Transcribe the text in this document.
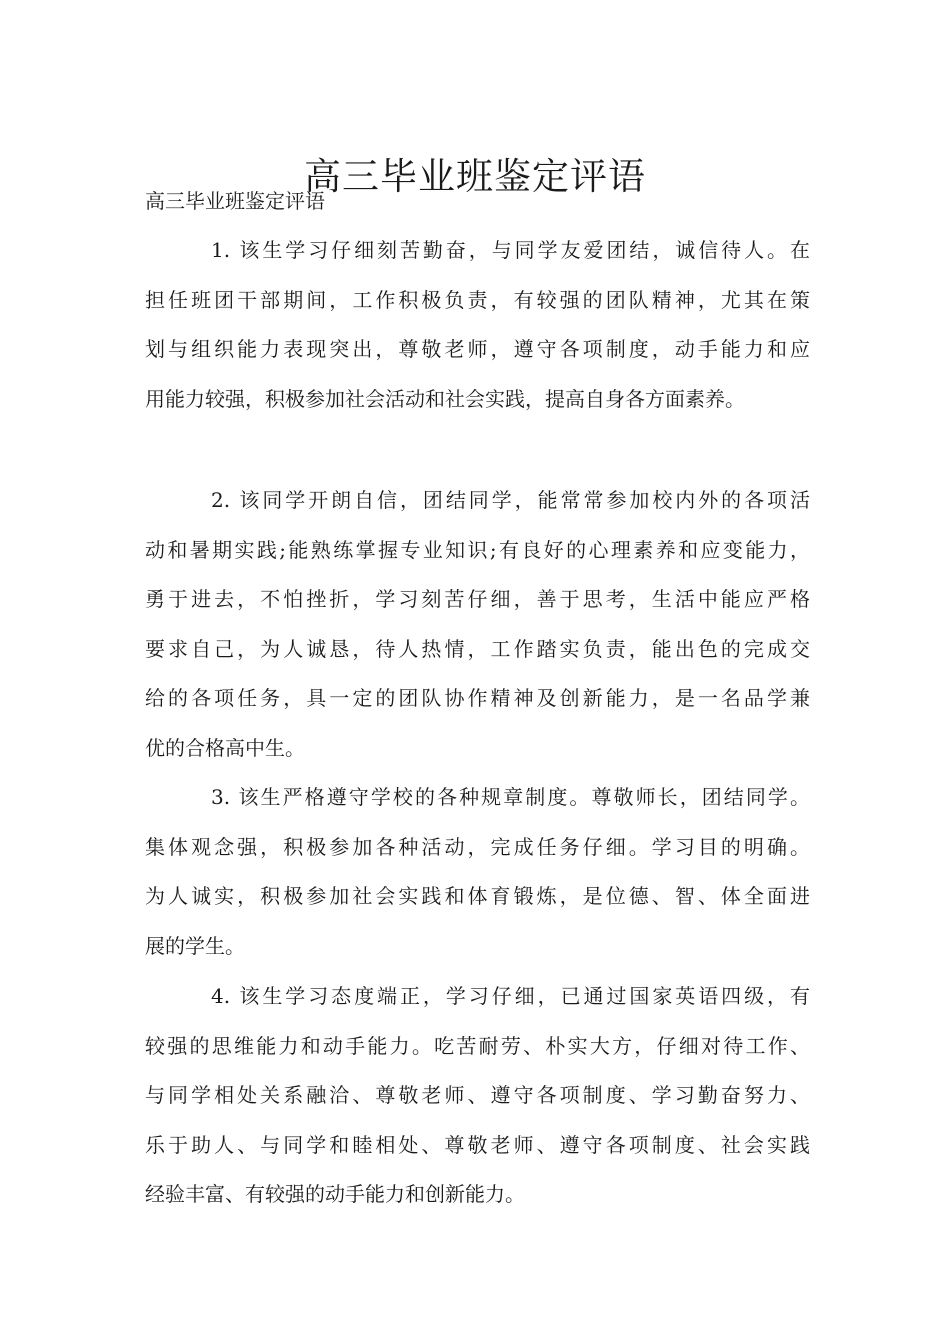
高三毕业班鉴定评语
高三毕业班鉴定评语
1. 该生学习仔细刻苦勤奋，与同学友爱团结，诚信待人。在
担任班团干部期间，工作积极负责，有较强的团队精神，尤其在策
划与组织能力表现突出，尊敬老师，遵守各项制度，动手能力和应
用能力较强，积极参加社会活动和社会实践，提高自身各方面素养。
2. 该同学开朗自信，团结同学，能常常参加校内外的各项活
动和暑期实践;能熟练掌握专业知识;有良好的心理素养和应变能力，
勇于进去，不怕挫折，学习刻苦仔细，善于思考，生活中能应严格
要求自己，为人诚恳，待人热情，工作踏实负责，能出色的完成交
给的各项任务，具一定的团队协作精神及创新能力，是一名品学兼
优的合格高中生。
3. 该生严格遵守学校的各种规章制度。尊敬师长，团结同学。
集体观念强，积极参加各种活动，完成任务仔细。学习目的明确。
为人诚实，积极参加社会实践和体育锻炼，是位德、智、体全面进
展的学生。
4. 该生学习态度端正，学习仔细，已通过国家英语四级，有
较强的思维能力和动手能力。吃苦耐劳、朴实大方，仔细对待工作、
与同学相处关系融洽、尊敬老师、遵守各项制度、学习勤奋努力、
乐于助人、与同学和睦相处、尊敬老师、遵守各项制度、社会实践
经验丰富、有较强的动手能力和创新能力。
